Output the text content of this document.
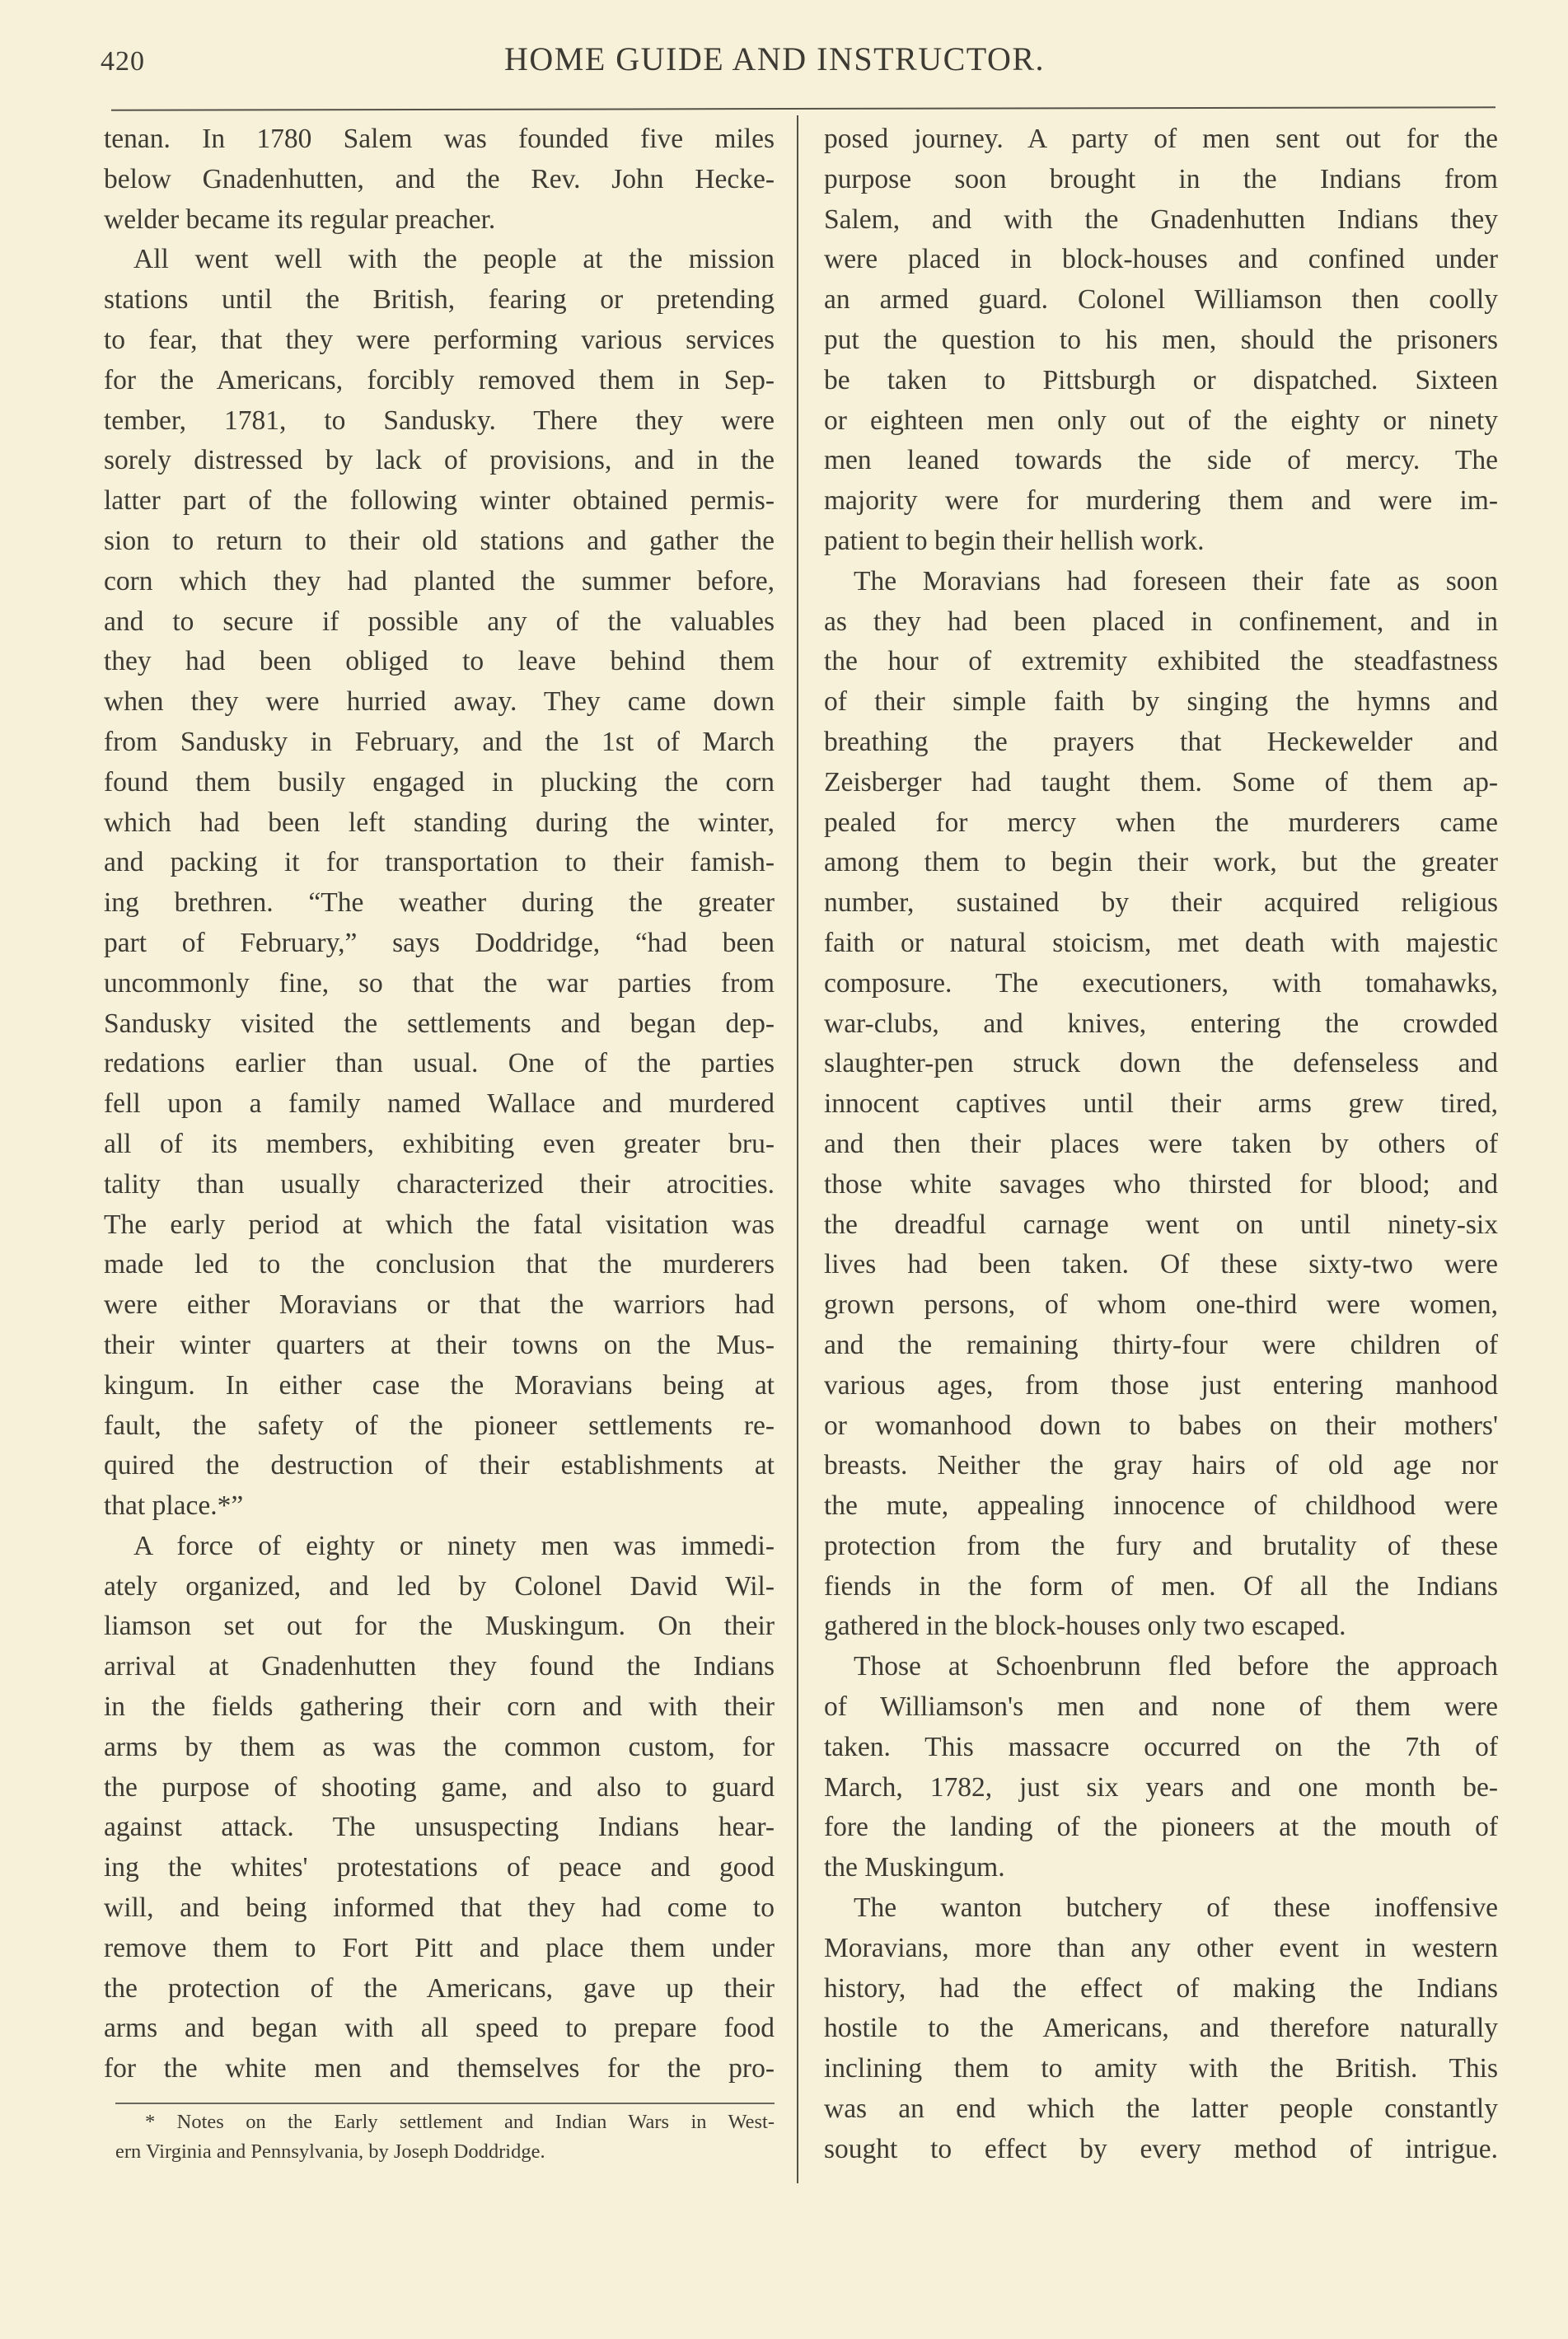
420	HOME GUIDE AND INSTRUCTOR.
tenan. In 1780 Salem was founded five miles
below Gnadenhutten, and the Rev. John Hecke-
welder became its regular preacher.
All went well with the people at the mission
stations until the British, fearing or pretending
to fear, that they were performing various services
for the Americans, forcibly removed them in Sep-
tember, 1781, to Sandusky. There they were
sorely distressed by lack of provisions, and in the
latter part of the following winter obtained permis-
sion to return to their old stations and gather the
corn which they had planted the summer before,
and to secure if possible any of the valuables
they had been obliged to leave behind them
when they were hurried away. They came down
from Sandusky in February, and the 1st of March
found them busily engaged in plucking the corn
which had been left standing during the winter,
and packing it for transportation to their famish-
ing brethren. “The weather during the greater
part of February,” says Doddridge, “had been
uncommonly fine, so that the war parties from
Sandusky visited the settlements and began dep-
redations earlier than usual. One of the parties
fell upon a family named Wallace and murdered
all of its members, exhibiting even greater bru-
tality than usually characterized their atrocities.
The early period at which the fatal visitation was
made led to the conclusion that the murderers
were either Moravians or that the warriors had
their winter quarters at their towns on the Mus-
kingum. In either case the Moravians being at
fault, the safety of the pioneer settlements re-
quired the destruction of their establishments at
that place.*”
A force of eighty or ninety men was immedi-
ately organized, and led by Colonel David Wil-
liamson set out for the Muskingum. On their
arrival at Gnadenhutten they found the Indians
in the fields gathering their corn and with their
arms by them as was the common custom, for
the purpose of shooting game, and also to guard
against attack. The unsuspecting Indians hear-
ing the whites' protestations of peace and good
will, and being informed that they had come to
remove them to Fort Pitt and place them under
the protection of the Americans, gave up their
arms and began with all speed to prepare food
for the white men and themselves for the pro-
posed journey. A party of men sent out for the
purpose soon brought in the Indians from
Salem, and with the Gnadenhutten Indians they
were placed in block-houses and confined under
an armed guard. Colonel Williamson then coolly
put the question to his men, should the prisoners
be taken to Pittsburgh or dispatched. Sixteen
or eighteen men only out of the eighty or ninety
men leaned towards the side of mercy. The
majority were for murdering them and were im-
patient to begin their hellish work.
The Moravians had foreseen their fate as soon
as they had been placed in confinement, and in
the hour of extremity exhibited the steadfastness
of their simple faith by singing the hymns and
breathing the prayers that Heckewelder and
Zeisberger had taught them. Some of them ap-
pealed for mercy when the murderers came
among them to begin their work, but the greater
number, sustained by their acquired religious
faith or natural stoicism, met death with majestic
composure. The executioners, with tomahawks,
war-clubs, and knives, entering the crowded
slaughter-pen struck down the defenseless and
innocent captives until their arms grew tired,
and then their places were taken by others of
those white savages who thirsted for blood; and
the dreadful carnage went on until ninety-six
lives had been taken. Of these sixty-two were
grown persons, of whom one-third were women,
and the remaining thirty-four were children of
various ages, from those just entering manhood
or womanhood down to babes on their mothers'
breasts. Neither the gray hairs of old age nor
the mute, appealing innocence of childhood were
protection from the fury and brutality of these
fiends in the form of men. Of all the Indians
gathered in the block-houses only two escaped.
Those at Schoenbrunn fled before the approach
of Williamson's men and none of them were
taken. This massacre occurred on the 7th of
March, 1782, just six years and one month be-
fore the landing of the pioneers at the mouth of
the Muskingum.
The wanton butchery of these inoffensive
Moravians, more than any other event in western
history, had the effect of making the Indians
hostile to the Americans, and therefore naturally
inclining them to amity with the British. This
was an end which the latter people constantly
sought to effect by every method of intrigue.
* Notes on the Early settlement and Indian Wars in West-
ern Virginia and Pennsylvania, by Joseph Doddridge.
